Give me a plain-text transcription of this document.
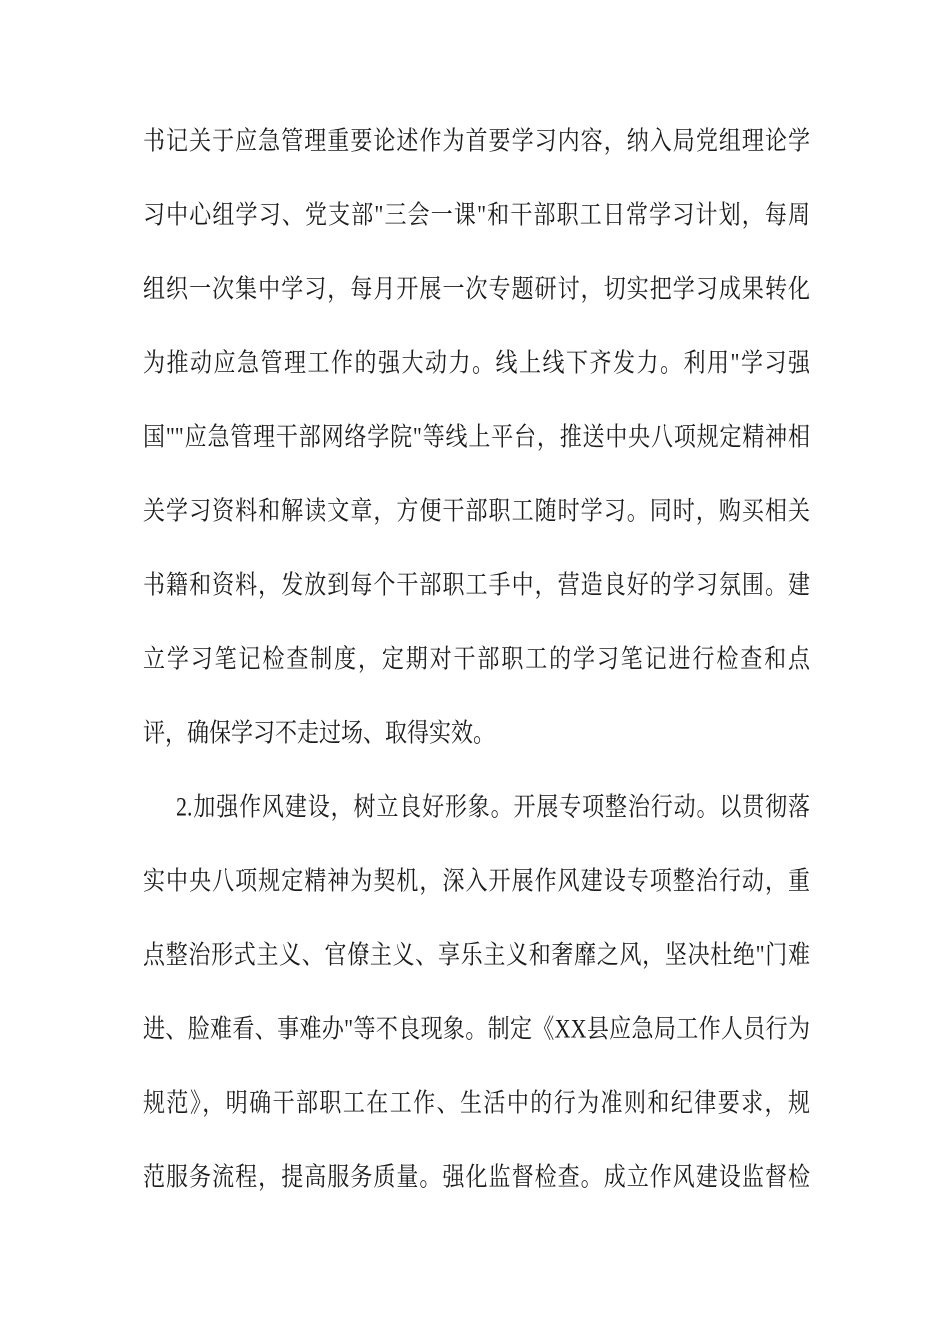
书记关于应急管理重要论述作为首要学习内容，纳入局党组理论学
习中心组学习、党支部"三会一课"和干部职工日常学习计划，每周
组织一次集中学习，每月开展一次专题研讨，切实把学习成果转化
为推动应急管理工作的强大动力。线上线下齐发力。利用"学习强
国""应急管理干部网络学院"等线上平台，推送中央八项规定精神相
关学习资料和解读文章，方便干部职工随时学习。同时，购买相关
书籍和资料，发放到每个干部职工手中，营造良好的学习氛围。建
立学习笔记检查制度，定期对干部职工的学习笔记进行检查和点
评，确保学习不走过场、取得实效。
2.加强作风建设，树立良好形象。开展专项整治行动。以贯彻落
实中央八项规定精神为契机，深入开展作风建设专项整治行动，重
点整治形式主义、官僚主义、享乐主义和奢靡之风，坚决杜绝"门难
进、脸难看、事难办"等不良现象。制定《XX县应急局工作人员行为
规范》，明确干部职工在工作、生活中的行为准则和纪律要求，规
范服务流程，提高服务质量。强化监督检查。成立作风建设监督检
